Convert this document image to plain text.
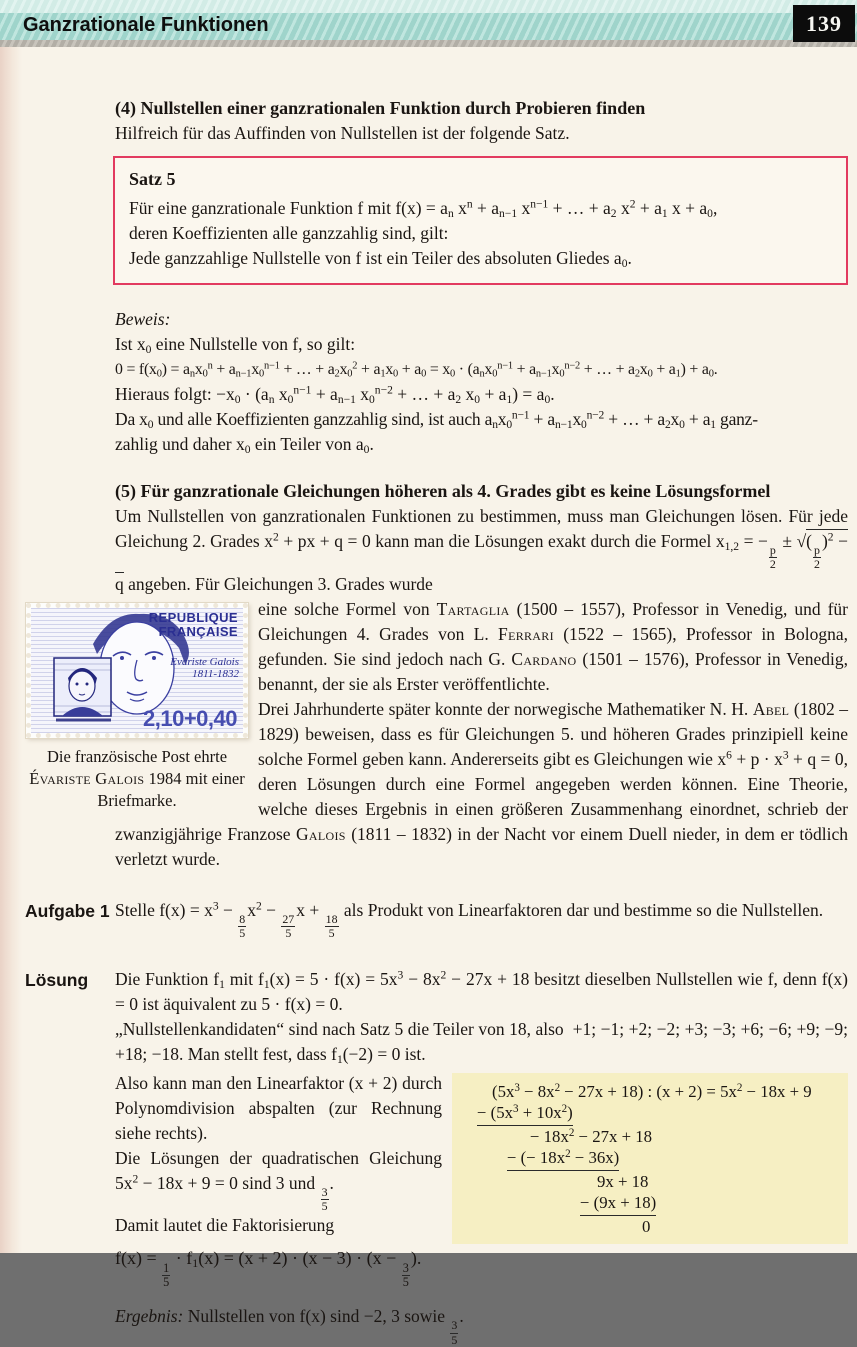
Ganzrationale Funktionen	139

(4) Nullstellen einer ganzrationalen Funktion durch Probieren finden

Hilfreich für das Auffinden von Nullstellen ist der folgende Satz.

Satz 5
Für eine ganzrationale Funktion f mit $f(x) = a_n$ $x^n + a_{n-1}$ $x^{n-1}$ + … + $a_2$ $x^2 + a_1$ $x + a_0$,
deren Koeffizienten alle ganzzahlig sind, gilt:
Jede ganzzahlige Nullstelle von f ist ein Teiler des absoluten Gliedes $a_0$.
Beweis:
Ist $x_0$ eine Nullstelle von f, so gilt:
$0 = f(x_0) = a_nx_0^n + a_{n-1}x_0^{n-1}$ + … + $a_2x_0^2 + a_1x_0 + a_0 = x_0 \cdot (a_nx_0^{n-1} + a_{n-1}x_0^{n-2}$ + … + $a_2x_0 + a_1) + a_0$.
Hieraus folgt: $-x_0 \cdot (a_n$ $x_0^{n-1} + a_{n-1}$ $x_0^{n-2}$ + … + $a_2$ $x_0 + a_1) = a_0$.
Da $x_0$ und alle Koeffizienten ganzzahlig sind, ist auch $a_nx_0^{n-1} + a_{n-1}x_0^{n-2}$ + … + $a_2x_0 + a_1$ ganz-
zahlig und daher $x_0$ ein Teiler von $a_0$.

(5) Für ganzrationale Gleichungen höheren als 4. Grades gibt es keine Lösungsformel

Um Nullstellen von ganzrationalen Funktionen zu bestimmen, muss man Gleichungen lösen. Für jede Gleichung 2. Grades $x^2$ + px + q = 0 kann man die Lösungen exakt durch die Formel $x_{1,2}$ = −
$\frac{p}{2}$
± √(
$\frac{p}{2}$
)$^2$ − q angeben. Für Gleichungen 3. Grades wurde

REPUBLIQUE
FRANÇAISE
Evariste Galois
1811-1832
2,10+0,40
Die französische Post ehrte Évariste Galois 1984 mit einer Briefmarke.

eine solche Formel von Tartaglia (1500 – 1557), Professor in Venedig, und für Gleichungen 4. Grades von L. Ferrari (1522 – 1565), Professor in Bologna, gefunden. Sie sind jedoch nach G. Cardano (1501 – 1576), Professor in Venedig, benannt, der sie als Erster veröffentlichte.

Drei Jahrhunderte später konnte der norwegische Mathematiker N. H. Abel (1802 – 1829) beweisen, dass es für Gleichungen 5. und höheren Grades prinzipiell keine solche Formel geben kann. Andererseits gibt es Gleichungen wie $x^6 + p \cdot x^3 + q = 0$, deren Lösungen durch eine Formel angegeben werden können. Eine Theorie, welche dieses Ergebnis in einen größeren Zusammenhang einordnet, schrieb der zwanzigjährige Franzose Galois (1811 – 1832) in der Nacht vor einem Duell nieder, in dem er tödlich verletzt wurde.

Aufgabe 1 Stelle $f(x) = x^3$ −
$\frac{8}{5}$
$x^2$ −
$\frac{27}{5}$
x +
$\frac{18}{5}$
als Produkt von Linearfaktoren dar und bestimme so die Nullstellen.

Lösung Die Funktion $f_1$ mit $f_1(x) = 5 \cdot f(x) = 5x^3 - 8x^2 - 27x + 18$ besitzt dieselben Nullstellen wie f, denn f(x) = 0 ist äquivalent zu 5 · f(x) = 0.

„Nullstellenkandidaten“ sind nach Satz 5 die Teiler von 18, also  +1; −1; +2; −2; +3; −3; +6; −6; +9; −9; +18; −18. Man stellt fest, dass $f_1(-2) = 0$ ist.

$(5x^3 - 8x^2 - 27x + 18)$ : $(x + 2) = 5x^2 - 18x + 9$
− $(5x^3 + 10x^2)$
− $18x^2 - 27x + 18$
− (− $18x^2 - 36x$)
9x + 18
− (9x + 18)
0

Also kann man den Linearfaktor (x + 2) durch Polynomdivision abspalten (zur Rechnung siehe rechts).

Die Lösungen der quadratischen Gleichung $5x^2 - 18x + 9 = 0$ sind 3 und
$\frac{3}{5}$
.

Damit lautet die Faktorisierung

f(x) =
$\frac{1}{5}$
· $f_1(x) = (x + 2) \cdot (x - 3) \cdot (x$ −
$\frac{3}{5}$
).
Ergebnis: Nullstellen von f(x) sind −2, 3 sowie
$\frac{3}{5}$
.
